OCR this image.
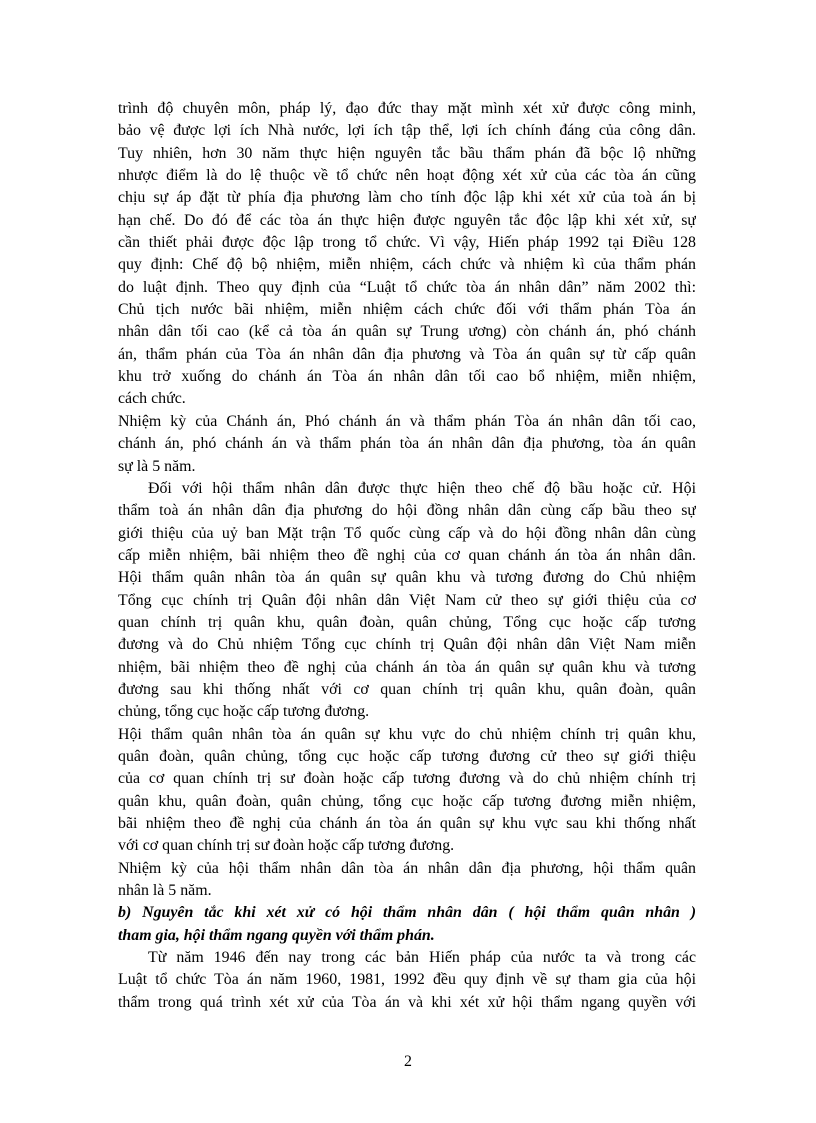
trình độ chuyên môn, pháp lý, đạo đức thay mặt mình xét xử được công minh,
bảo vệ được lợi ích Nhà nước, lợi ích tập thể, lợi ích chính đáng của công dân.
Tuy nhiên, hơn 30 năm thực hiện nguyên tắc bầu thẩm phán đã bộc lộ những
nhược điểm là do lệ thuộc về tổ chức nên hoạt động xét xử của các tòa án cũng
chịu sự áp đặt từ phía địa phương làm cho tính độc lập khi xét xử của toà án bị
hạn chế. Do đó để các tòa án thực hiện được nguyên tắc độc lập khi xét xử, sự
cần thiết phải được độc lập trong tổ chức. Vì vậy, Hiến pháp 1992 tại Điều 128
quy định: Chế độ bộ nhiệm, miễn nhiệm, cách chức và nhiệm kì của thẩm phán
do luật định. Theo quy định của “Luật tổ chức tòa án nhân dân” năm 2002 thì:
Chủ tịch nước bãi nhiệm, miễn nhiệm cách chức đối với thẩm phán Tòa án
nhân dân tối cao (kể cả tòa án quân sự Trung ương) còn chánh án, phó chánh
án, thẩm phán của Tòa án nhân dân địa phương và Tòa án quân sự từ cấp quân
khu trở xuống do chánh án Tòa án nhân dân tối cao bổ nhiệm, miễn nhiệm,
cách chức.
Nhiệm kỳ của Chánh án, Phó chánh án và thẩm phán Tòa án nhân dân tối cao,
chánh án, phó chánh án và thẩm phán tòa án nhân dân địa phương, tòa án quân
sự là 5 năm.
Đối với hội thẩm nhân dân được thực hiện theo chế độ bầu hoặc cử. Hội
thẩm toà án nhân dân địa phương do hội đồng nhân dân cùng cấp bầu theo sự
giới thiệu của uỷ ban Mặt trận Tổ quốc cùng cấp và do hội đồng nhân dân cùng
cấp miễn nhiệm, bãi nhiệm theo đề nghị của cơ quan chánh án tòa án nhân dân.
Hội thẩm quân nhân tòa án quân sự quân khu và tương đương do Chủ nhiệm
Tổng cục chính trị Quân đội nhân dân Việt Nam cử theo sự giới thiệu của cơ
quan chính trị quân khu, quân đoàn, quân chủng, Tổng cục hoặc cấp tương
đương và do Chủ nhiệm Tổng cục chính trị Quân đội nhân dân Việt Nam miễn
nhiệm, bãi nhiệm theo đề nghị của chánh án tòa án quân sự quân khu và tương
đương sau khi thống nhất với cơ quan chính trị quân khu, quân đoàn, quân
chủng, tổng cục hoặc cấp tương đương.
Hội thẩm quân nhân tòa án quân sự khu vực do chủ nhiệm chính trị quân khu,
quân đoàn, quân chủng, tổng cục hoặc cấp tương đương cử theo sự giới thiệu
của cơ quan chính trị sư đoàn hoặc cấp tương đương và do chủ nhiệm chính trị
quân khu, quân đoàn, quân chủng, tổng cục hoặc cấp tương đương miễn nhiệm,
bãi nhiệm theo đề nghị của chánh án tòa án quân sự khu vực sau khi thống nhất
với cơ quan chính trị sư đoàn hoặc cấp tương đương.
Nhiệm kỳ của hội thẩm nhân dân tòa án nhân dân địa phương, hội thẩm quân
nhân là 5 năm.
b) Nguyên tắc khi xét xử có hội thẩm nhân dân ( hội thẩm quân nhân )
tham gia, hội thẩm ngang quyền với thẩm phán.
Từ năm 1946 đến nay trong các bản Hiến pháp của nước ta và trong các
Luật tổ chức Tòa án năm 1960, 1981, 1992 đều quy định về sự tham gia của hội
thẩm trong quá trình xét xử của Tòa án và khi xét xử hội thẩm ngang quyền với
2
